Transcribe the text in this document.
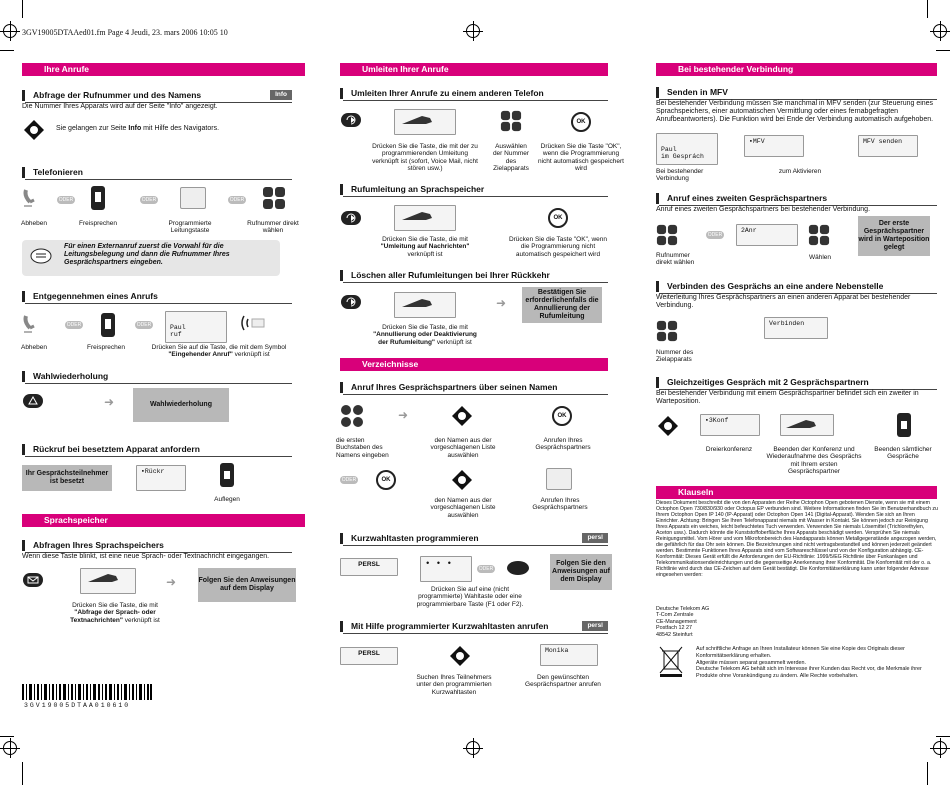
3GV19005DTAAed01.fm Page 4 Jeudi, 23. mars 2006 10:05 10
Ihre Anrufe
Abfrage der Rufnummer und des Namens	Info
Die Nummer Ihres Apparats wird auf der Seite "Info" angezeigt.
Sie gelangen zur Seite Info mit Hilfe des Navigators.
Telefonieren
ODER	ODER	ODER
Abheben	Freisprechen	Programmierte Leitungstaste
Rufnummer direkt wählen
Für einen Externanruf zuerst die Vorwahl für die Leitungsbelegung und dann die Rufnummer Ihres Gesprächspartners eingeben.
Entgegennehmen eines Anrufs
ODER	ODER	Paul
ruf
Abheben	Freisprechen	Drücken Sie auf die Taste, die mit dem Symbol "Eingehender Anruf" verknüpft ist
Wahlwiederholung
➜	Wahlwiederholung
Rückruf bei besetztem Apparat anfordern
Ihr Gesprächsteilnehmer ist besetzt
▪Rückr
Auflegen
Sprachspeicher
Abfragen Ihres Sprachspeichers
Wenn diese Taste blinkt, ist eine neue Sprach- oder Textnachricht eingegangen.
Folgen Sie den Anweisungen auf dem Display
➜
Drücken Sie die Taste, die mit "Abfrage der Sprach- oder Textnachrichten" verknüpft ist
3GV19005DTAA010610
Umleiten Ihrer Anrufe
Umleiten Ihrer Anrufe zu einem anderen Telefon
OK
Drücken Sie die Taste, die mit der zu programmierenden Umleitung verknüpft ist (sofort, Voice Mail, nicht stören usw.)
Auswählen der Nummer des Zielapparats
Drücken Sie die Taste "OK", wenn die Programmierung nicht automatisch gespeichert wird
Rufumleitung an Sprachspeicher
OK
Drücken Sie die Taste, die mit "Umleitung auf Nachrichten" verknüpft ist
Drücken Sie die Taste "OK", wenn die Programmierung nicht automatisch gespeichert wird
Löschen aller Rufumleitungen bei Ihrer Rückkehr
➜
Bestätigen Sie erforderlichenfalls die Annullierung der Rufumleitung
Drücken Sie die Taste, die mit "Annullierung oder Deaktivierung der Rufumleitung" verknüpft ist
Verzeichnisse
Anruf Ihres Gesprächspartners über seinen Namen
OK
➜
die ersten Buchstaben des Namens eingeben
den Namen aus der vorgeschlagenen Liste auswählen
Anrufen Ihres Gesprächspartners
ODER	OK
den Namen aus der vorgeschlagenen Liste auswählen
Anrufen Ihres Gesprächspartners
Kurzwahltasten programmieren	persl
PERSL	• • •	ODER
Folgen Sie den Anweisungen auf dem Display
Drücken Sie auf eine (nicht programmierte) Wahltaste oder eine programmierbare Taste (F1 oder F2).
Mit Hilfe programmierter Kurzwahltasten anrufen	persl
PERSL	Monika
Suchen Ihres Teilnehmers unter den programmierten Kurzwahltasten
Den gewünschten Gesprächspartner anrufen
Bei bestehender Verbindung
Senden in MFV
Bei bestehender Verbindung müssen Sie manchmal in MFV senden (zur Steuerung eines Sprachspeichers, einer automatischen Vermittlung oder eines fernabgefragten Anrufbeantworters). Die Funktion wird bei Ende der Verbindung automatisch aufgehoben.
Paul
im Gesprách
▪MFV	MFV senden
Bei bestehender Verbindung
zum Aktivieren
Anruf eines zweiten Gesprächspartners
Anruf eines zweiten Gesprächspartners bei bestehender Verbindung.
ODER
2Anr
Der erste Gesprächspartner wird in Warteposition gelegt
Rufnummer direkt wählen
Wählen
Verbinden des Gesprächs an eine andere Nebenstelle
Weiterleitung Ihres Gesprächspartners an einen anderen Apparat bei bestehender Verbindung.
Verbinden
Nummer des Zielapparats
Gleichzeitiges Gespräch mit 2 Gesprächspartnern
Bei bestehender Verbindung mit einem Gesprächspartner befindet sich ein zweiter in Warteposition.
▪3Konf
Dreierkonferenz	Beenden der Konferenz und Wiederaufnahme des Gesprächs mit Ihrem ersten Gesprächspartner
Beenden sämtlicher Gespräche
Klauseln
Dieses Dokument beschreibt die von den Apparaten der Reihe Octophon Open gebotenen Dienste, wenn sie mit einem Octophon Open 730/830/930 oder Octopus EP verbunden sind. Weitere Informationen finden Sie im Benutzerhandbuch zu Ihrem Octophon Open IP 140 (IP-Apparat) oder Octophon Open 141 (Digital-Apparat). Wenden Sie sich an Ihren Einrichter. Achtung: Bringen Sie Ihren Telefonapparat niemals mit Wasser in Kontakt. Sie können jedoch zur Reinigung Ihres Apparats ein weiches, leicht befeuchtetes Tuch verwenden. Verwenden Sie niemals Lösemittel (Trichlorethylen, Aceton usw.). Dadurch könnte die Kunststoffoberfläche Ihres Apparats beschädigt werden. Versprühen Sie niemals Reinigungsmittel. Vom Hörer und vom Mikrofonbereich des Handapparats können Metallgegenstände angezogen werden, die gefährlich für das Ohr sein können. Die Bezeichnungen sind nicht vertragsbestandteil und können jederzeit geändert werden. Bestimmte Funktionen Ihres Apparats sind vom Softwareschlüssel und von der Konfiguration abhängig. CE-Konformität: Dieses Gerät erfüllt die Anforderungen der EU-Richtlinie: 1999/5/EG Richtlinie über Funkanlagen und Telekommunikationsendeinrichtungen und die gegenseitige Anerkennung ihrer Konformität. Die Konformität mit der o. a. Richtlinie wird durch das CE-Zeichen auf dem Gerät bestätigt. Die Konformitätserklärung kann unter folgender Adresse eingesehen werden:
Deutsche Telekom AG
T-Com Zentrale
CE-Management
Postfach 12 27
48542 Steinfurt
Auf schriftliche Anfrage an Ihren Installateur können Sie eine Kopie des Originals dieser Konformitätserklärung erhalten.
Altgeräte müssen separat gesammelt werden.
Deutsche Telekom AG behält sich im Interesse ihrer Kunden das Recht vor, die Merkmale ihrer Produkte ohne Vorankündigung zu ändern. Alle Rechte vorbehalten.
